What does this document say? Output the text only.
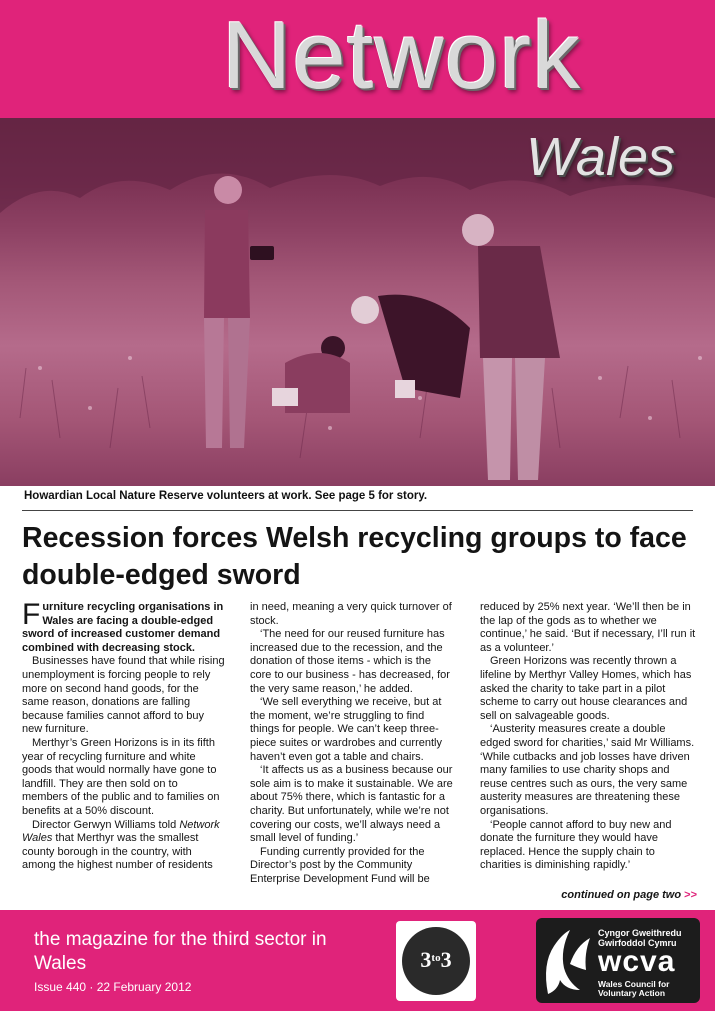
Network
Wales
Howardian Local Nature Reserve volunteers at work. See page 5 for story.
Recession forces Welsh recycling groups to face double-edged sword

Furniture recycling organisations in Wales are facing a double-edged sword of increased customer demand combined with decreasing stock.

Businesses have found that while rising unemployment is forcing people to rely more on second hand goods, for the same reason, donations are falling because families cannot afford to buy new furniture.

Merthyr’s Green Horizons is in its fifth year of recycling furniture and white goods that would normally have gone to landfill. They are then sold on to members of the public and to families on benefits at a 50% discount.

Director Gerwyn Williams told Network Wales that Merthyr was the smallest county borough in the country, with among the highest number of residents

in need, meaning a very quick turnover of stock.

‘The need for our reused furniture has increased due to the recession, and the donation of those items - which is the core to our business - has decreased, for the very same reason,’ he added.

‘We sell everything we receive, but at the moment, we’re struggling to find things for people. We can’t keep three-piece suites or wardrobes and currently haven’t even got a table and chairs.

‘It affects us as a business because our sole aim is to make it sustainable. We are about 75% there, which is fantastic for a charity. But unfortunately, while we’re not covering our costs, we’ll always need a small level of funding.’

Funding currently provided for the Director’s post by the Community Enterprise Development Fund will be

reduced by 25% next year. ‘We’ll then be in the lap of the gods as to whether we continue,’ he said. ‘But if necessary, I’ll run it as a volunteer.’

Green Horizons was recently thrown a lifeline by Merthyr Valley Homes, which has asked the charity to take part in a pilot scheme to carry out house clearances and sell on salvageable goods.

‘Austerity measures create a double edged sword for charities,’ said Mr Williams. ‘While cutbacks and job losses have driven many families to use charity shops and reuse centres such as ours, the very same austerity measures are threatening these organisations.

‘People cannot afford to buy new and donate the furniture they would have replaced. Hence the supply chain to charities is diminishing rapidly.’

continued on page two >>
the magazine for the third sector in Wales
Issue 440 · 22 February 2012
$3^{to}3$
Cyngor Gweithredu
Gwirfoddol Cymru
wcva
Wales Council for
Voluntary Action
